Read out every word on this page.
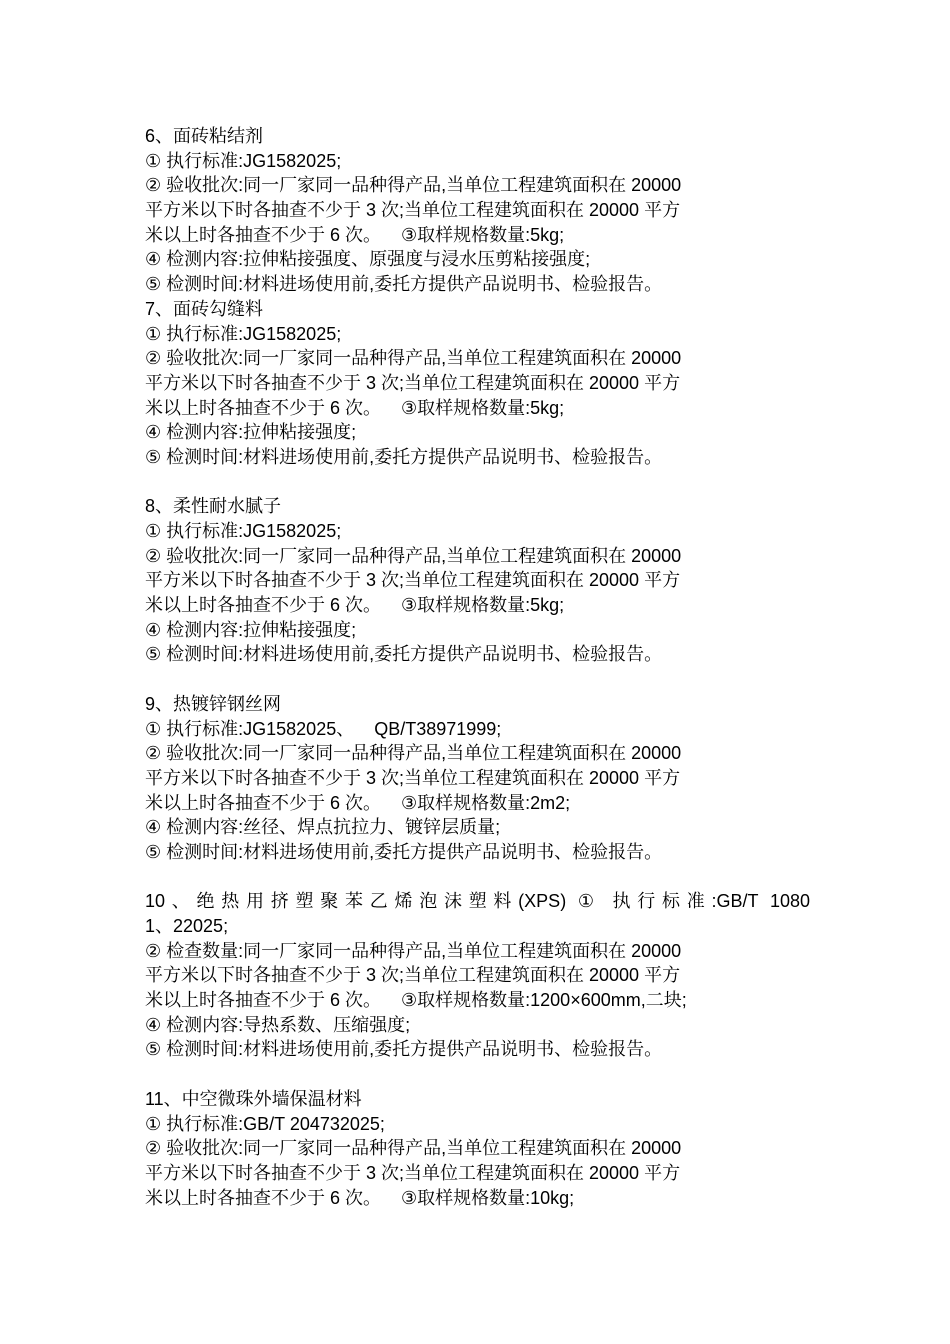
6、面砖粘结剂
① 执行标准:JG1582025;
② 验收批次:同一厂家同一品种得产品,当单位工程建筑面积在 20000
平方米以下时各抽查不少于 3 次;当单位工程建筑面积在 20000 平方
米以上时各抽查不少于 6 次。    ③取样规格数量:5kg;
④ 检测内容:拉伸粘接强度、原强度与浸水压剪粘接强度;
⑤ 检测时间:材料进场使用前,委托方提供产品说明书、检验报告。
7、面砖勾缝料
① 执行标准:JG1582025;
② 验收批次:同一厂家同一品种得产品,当单位工程建筑面积在 20000
平方米以下时各抽查不少于 3 次;当单位工程建筑面积在 20000 平方
米以上时各抽查不少于 6 次。    ③取样规格数量:5kg;
④ 检测内容:拉伸粘接强度;
⑤ 检测时间:材料进场使用前,委托方提供产品说明书、检验报告。
8、柔性耐水腻子
① 执行标准:JG1582025;
② 验收批次:同一厂家同一品种得产品,当单位工程建筑面积在 20000
平方米以下时各抽查不少于 3 次;当单位工程建筑面积在 20000 平方
米以上时各抽查不少于 6 次。    ③取样规格数量:5kg;
④ 检测内容:拉伸粘接强度;
⑤ 检测时间:材料进场使用前,委托方提供产品说明书、检验报告。
9、热镀锌钢丝网
① 执行标准:JG1582025、    QB/T38971999;
② 验收批次:同一厂家同一品种得产品,当单位工程建筑面积在 20000
平方米以下时各抽查不少于 3 次;当单位工程建筑面积在 20000 平方
米以上时各抽查不少于 6 次。    ③取样规格数量:2m2;
④ 检测内容:丝径、焊点抗拉力、镀锌层质量;
⑤ 检测时间:材料进场使用前,委托方提供产品说明书、检验报告。
10、绝热用挤塑聚苯乙烯泡沫塑料(XPS) ① 执行标准:GB/T 1080
1、22025;
② 检查数量:同一厂家同一品种得产品,当单位工程建筑面积在 20000
平方米以下时各抽查不少于 3 次;当单位工程建筑面积在 20000 平方
米以上时各抽查不少于 6 次。    ③取样规格数量:1200×600mm,二块;
④ 检测内容:导热系数、压缩强度;
⑤ 检测时间:材料进场使用前,委托方提供产品说明书、检验报告。
11、中空微珠外墙保温材料
① 执行标准:GB/T 204732025;
② 验收批次:同一厂家同一品种得产品,当单位工程建筑面积在 20000
平方米以下时各抽查不少于 3 次;当单位工程建筑面积在 20000 平方
米以上时各抽查不少于 6 次。    ③取样规格数量:10kg;
